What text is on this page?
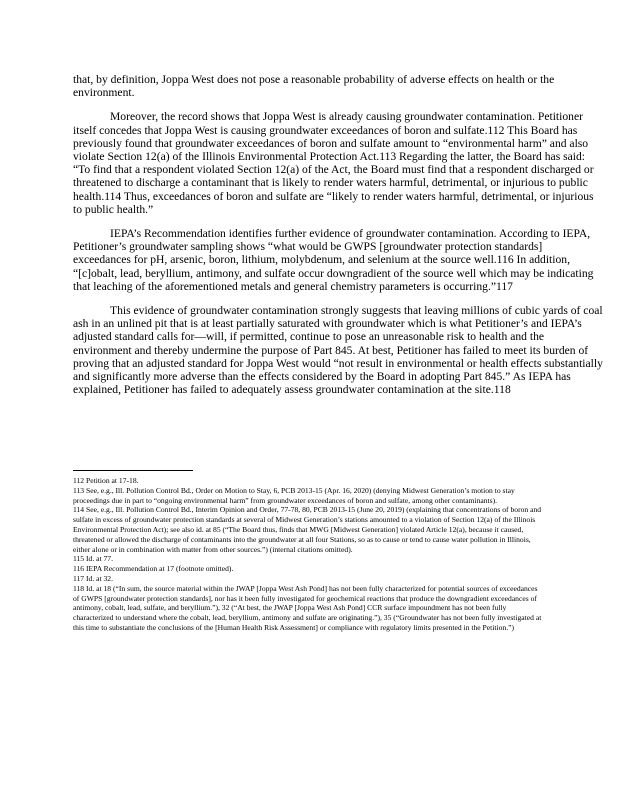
that, by definition, Joppa West does not pose a reasonable probability of adverse effects on health or the environment.

Moreover, the record shows that Joppa West is already causing groundwater contamination. Petitioner itself concedes that Joppa West is causing groundwater exceedances of boron and sulfate.112 This Board has previously found that groundwater exceedances of boron and sulfate amount to “environmental harm” and also violate Section 12(a) of the Illinois Environmental Protection Act.113 Regarding the latter, the Board has said: “To find that a respondent violated Section 12(a) of the Act, the Board must find that a respondent discharged or threatened to discharge a contaminant that is likely to render waters harmful, detrimental, or injurious to public health.114 Thus, exceedances of boron and sulfate are “likely to render waters harmful, detrimental, or injurious to public health.”

IEPA’s Recommendation identifies further evidence of groundwater contamination. According to IEPA, Petitioner’s groundwater sampling shows “what would be GWPS [groundwater protection standards] exceedances for pH, arsenic, boron, lithium, molybdenum, and selenium at the source well.116 In addition, “[c]obalt, lead, beryllium, antimony, and sulfate occur downgradient of the source well which may be indicating that leaching of the aforementioned metals and general chemistry parameters is occurring.”117

This evidence of groundwater contamination strongly suggests that leaving millions of cubic yards of coal ash in an unlined pit that is at least partially saturated with groundwater which is what Petitioner’s and IEPA’s adjusted standard calls for—will, if permitted, continue to pose an unreasonable risk to health and the environment and thereby undermine the purpose of Part 845. At best, Petitioner has failed to meet its burden of proving that an adjusted standard for Joppa West would “not result in environmental or health effects substantially and significantly more adverse than the effects considered by the Board in adopting Part 845.” As IEPA has explained, Petitioner has failed to adequately assess groundwater contamination at the site.118

112 Petition at 17-18.

113 See, e.g., Ill. Pollution Control Bd., Order on Motion to Stay, 6, PCB 2013-15 (Apr. 16, 2020) (denying Midwest Generation’s motion to stay proceedings due in part to “ongoing environmental harm” from groundwater exceedances of boron and sulfate, among other contaminants).

114 See, e.g., Ill. Pollution Control Bd., Interim Opinion and Order, 77-78, 80, PCB 2013-15 (June 20, 2019) (explaining that concentrations of boron and sulfate in excess of groundwater protection standards at several of Midwest Generation’s stations amounted to a violation of Section 12(a) of the Illinois Environmental Protection Act); see also id. at 85 (“The Board thus, finds that MWG [Midwest Generation] violated Article 12(a), because it caused, threatened or allowed the discharge of contaminants into the groundwater at all four Stations, so as to cause or tend to cause water pollution in Illinois, either alone or in combination with matter from other sources.”) (internal citations omitted).

115 Id. at 77.

116 IEPA Recommendation at 17 (footnote omitted).

117 Id. at 32.

118 Id. at 18 (“In sum, the source material within the JWAP [Joppa West Ash Pond] has not been fully characterized for potential sources of exceedances of GWPS [groundwater protection standards], nor has it been fully investigated for geochemical reactions that produce the downgradient exceedances of antimony, cobalt, lead, sulfate, and beryllium.”), 32 (“At best, the JWAP [Joppa West Ash Pond] CCR surface impoundment has not been fully characterized to understand where the cobalt, lead, beryllium, antimony and sulfate are originating.”), 35 (“Groundwater has not been fully investigated at this time to substantiate the conclusions of the [Human Health Risk Assessment] or compliance with regulatory limits presented in the Petition.”)
